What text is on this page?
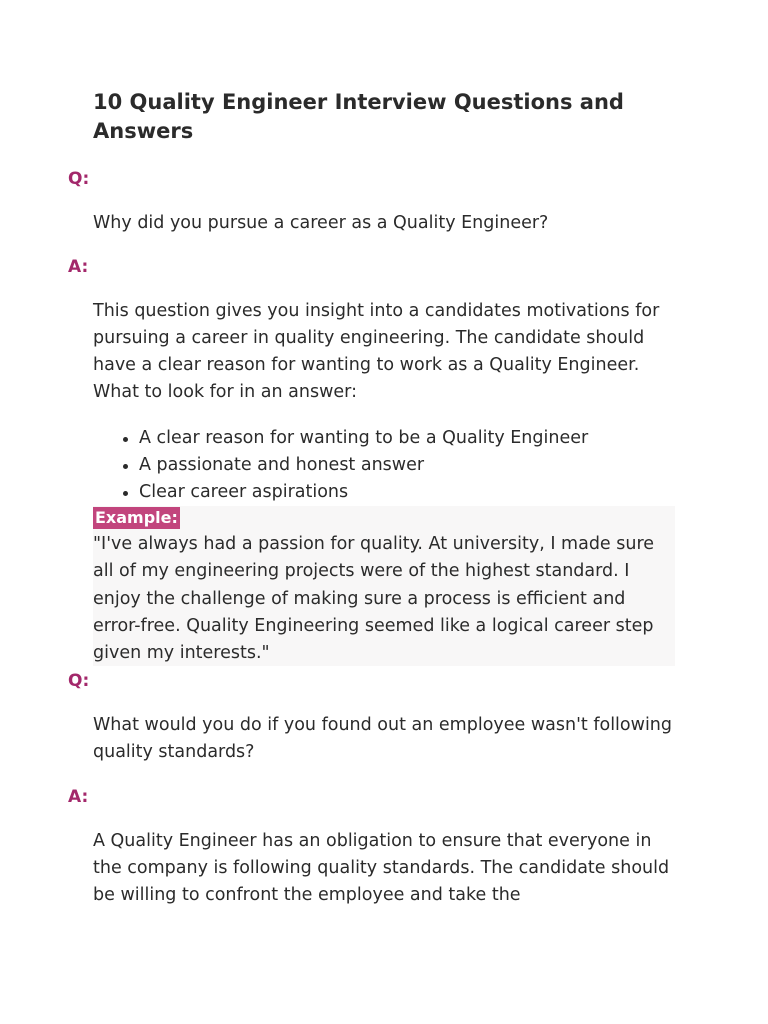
10 Quality Engineer Interview Questions and Answers
Q:

Why did you pursue a career as a Quality Engineer?

A:

This question gives you insight into a candidates motivations for pursuing a career in quality engineering. The candidate should have a clear reason for wanting to work as a Quality Engineer. What to look for in an answer:

A clear reason for wanting to be a Quality Engineer
A passionate and honest answer
Clear career aspirations
Example:

"I've always had a passion for quality. At university, I made sure all of my engineering projects were of the highest standard. I enjoy the challenge of making sure a process is efficient and error-free. Quality Engineering seemed like a logical career step given my interests."

Q:

What would you do if you found out an employee wasn't following quality standards?

A:

A Quality Engineer has an obligation to ensure that everyone in the company is following quality standards. The candidate should be willing to confront the employee and take the
